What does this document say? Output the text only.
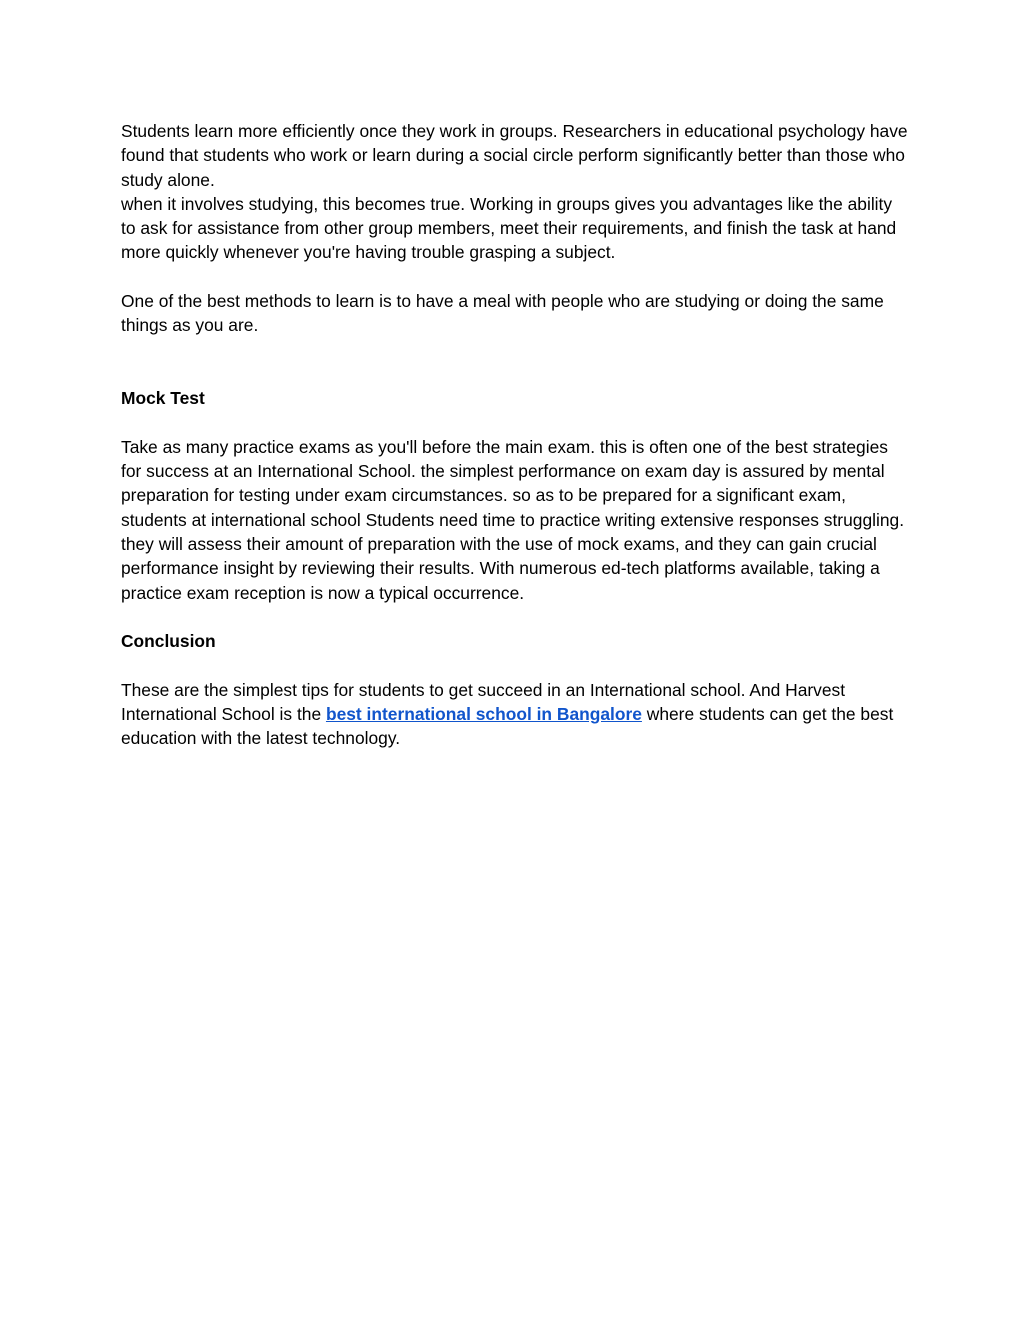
Students learn more efficiently once they work in groups. Researchers in educational psychology have found that students who work or learn during a social circle perform significantly better than those who study alone.
when it involves studying, this becomes true. Working in groups gives you advantages like the ability to ask for assistance from other group members, meet their requirements, and finish the task at hand more quickly whenever you're having trouble grasping a subject.

One of the best methods to learn is to have a meal with people who are studying or doing the same things as you are.

Mock Test

Take as many practice exams as you'll before the main exam. this is often one of the best strategies for success at an International School. the simplest performance on exam day is assured by mental preparation for testing under exam circumstances. so as to be prepared for a significant exam, students at international school Students need time to practice writing extensive responses struggling. they will assess their amount of preparation with the use of mock exams, and they can gain crucial performance insight by reviewing their results. With numerous ed-tech platforms available, taking a practice exam reception is now a typical occurrence.

Conclusion

These are the simplest tips for students to get succeed in an International school. And Harvest International School is the best international school in Bangalore where students can get the best education with the latest technology.
